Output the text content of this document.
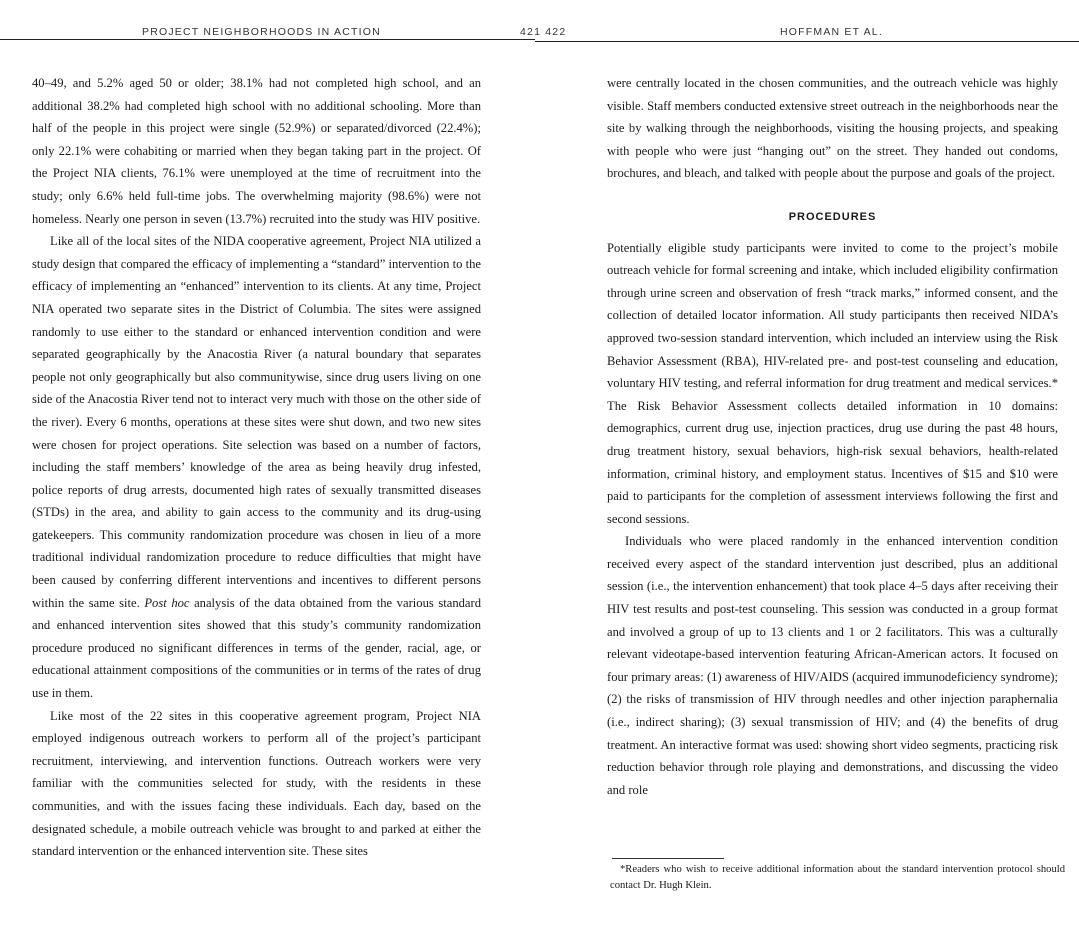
PROJECT NEIGHBORHOODS IN ACTION	421 422	HOFFMAN ET AL.

40–49, and 5.2% aged 50 or older; 38.1% had not completed high school, and an additional 38.2% had completed high school with no additional schooling. More than half of the people in this project were single (52.9%) or separated/divorced (22.4%); only 22.1% were cohabiting or married when they began taking part in the project. Of the Project NIA clients, 76.1% were unemployed at the time of recruitment into the study; only 6.6% held full-time jobs. The overwhelming majority (98.6%) were not homeless. Nearly one person in seven (13.7%) recruited into the study was HIV positive.

Like all of the local sites of the NIDA cooperative agreement, Project NIA utilized a study design that compared the efficacy of implementing a “standard” intervention to the efficacy of implementing an “enhanced” intervention to its clients. At any time, Project NIA operated two separate sites in the District of Columbia. The sites were assigned randomly to use either to the standard or enhanced intervention condition and were separated geographically by the Anacostia River (a natural boundary that separates people not only geographically but also communitywise, since drug users living on one side of the Anacostia River tend not to interact very much with those on the other side of the river). Every 6 months, operations at these sites were shut down, and two new sites were chosen for project operations. Site selection was based on a number of factors, including the staff members’ knowledge of the area as being heavily drug infested, police reports of drug arrests, documented high rates of sexually transmitted diseases (STDs) in the area, and ability to gain access to the community and its drug-using gatekeepers. This community randomization procedure was chosen in lieu of a more traditional individual randomization procedure to reduce difficulties that might have been caused by conferring different interventions and incentives to different persons within the same site. Post hoc analysis of the data obtained from the various standard and enhanced intervention sites showed that this study’s community randomization procedure produced no significant differences in terms of the gender, racial, age, or educational attainment compositions of the communities or in terms of the rates of drug use in them.

Like most of the 22 sites in this cooperative agreement program, Project NIA employed indigenous outreach workers to perform all of the project’s participant recruitment, interviewing, and intervention functions. Outreach workers were very familiar with the communities selected for study, with the residents in these communities, and with the issues facing these individuals. Each day, based on the designated schedule, a mobile outreach vehicle was brought to and parked at either the standard intervention or the enhanced intervention site. These sites

were centrally located in the chosen communities, and the outreach vehicle was highly visible. Staff members conducted extensive street outreach in the neighborhoods near the site by walking through the neighborhoods, visiting the housing projects, and speaking with people who were just “hanging out” on the street. They handed out condoms, brochures, and bleach, and talked with people about the purpose and goals of the project.

PROCEDURES

Potentially eligible study participants were invited to come to the project’s mobile outreach vehicle for formal screening and intake, which included eligibility confirmation through urine screen and observation of fresh “track marks,” informed consent, and the collection of detailed locator information. All study participants then received NIDA’s approved two-session standard intervention, which included an interview using the Risk Behavior Assessment (RBA), HIV-related pre- and post-test counseling and education, voluntary HIV testing, and referral information for drug treatment and medical services.* The Risk Behavior Assessment collects detailed information in 10 domains: demographics, current drug use, injection practices, drug use during the past 48 hours, drug treatment history, sexual behaviors, high-risk sexual behaviors, health-related information, criminal history, and employment status. Incentives of $15 and $10 were paid to participants for the completion of assessment interviews following the first and second sessions.

Individuals who were placed randomly in the enhanced intervention condition received every aspect of the standard intervention just described, plus an additional session (i.e., the intervention enhancement) that took place 4–5 days after receiving their HIV test results and post-test counseling. This session was conducted in a group format and involved a group of up to 13 clients and 1 or 2 facilitators. This was a culturally relevant videotape-based intervention featuring African-American actors. It focused on four primary areas: (1) awareness of HIV/AIDS (acquired immunodeficiency syndrome); (2) the risks of transmission of HIV through needles and other injection paraphernalia (i.e., indirect sharing); (3) sexual transmission of HIV; and (4) the benefits of drug treatment. An interactive format was used: showing short video segments, practicing risk reduction behavior through role playing and demonstrations, and discussing the video and role

*Readers who wish to receive additional information about the standard intervention protocol should contact Dr. Hugh Klein.
